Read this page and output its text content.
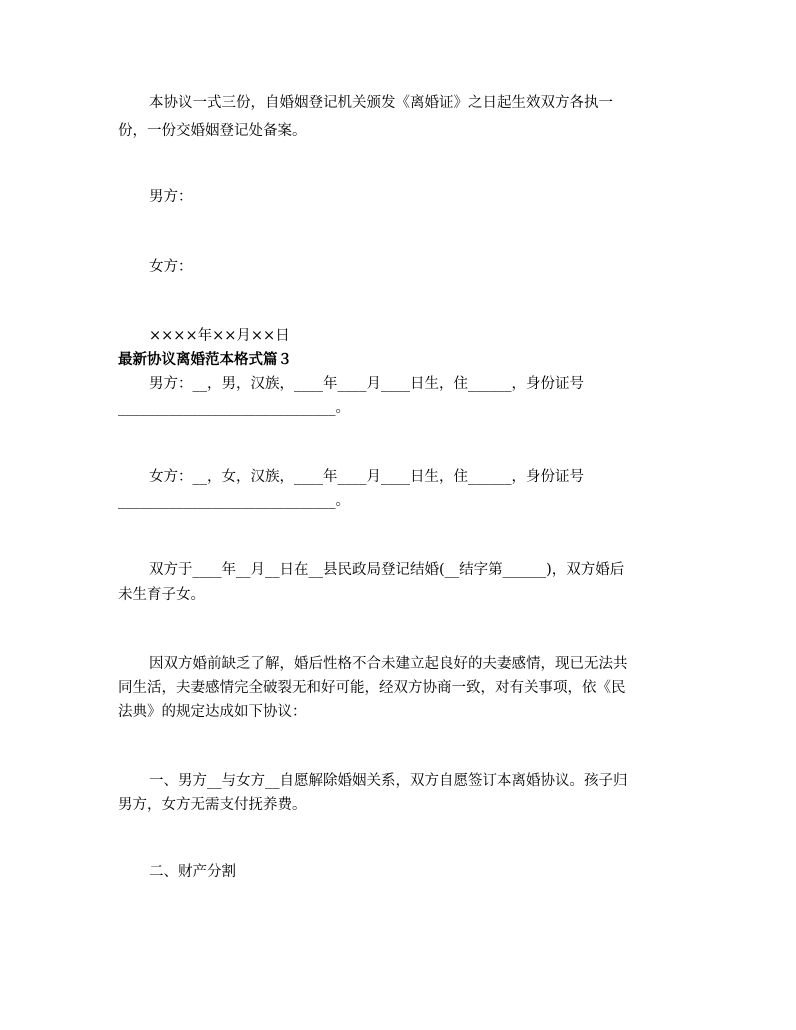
本协议一式三份，自婚姻登记机关颁发《离婚证》之日起生效双方各执一
份，一份交婚姻登记处备案。
男方：
女方：
××××年××月××日
最新协议离婚范本格式篇３
男方：__，男，汉族，____年____月____日生，住______，身份证号
______________________________。
女方：__，女，汉族，____年____月____日生，住______，身份证号
______________________________。
双方于____年__月__日在__县民政局登记结婚(__结字第______)，双方婚后
未生育子女。
因双方婚前缺乏了解，婚后性格不合未建立起良好的夫妻感情，现已无法共
同生活，夫妻感情完全破裂无和好可能，经双方协商一致，对有关事项，依《民
法典》的规定达成如下协议：
一、男方__与女方__自愿解除婚姻关系，双方自愿签订本离婚协议。孩子归
男方，女方无需支付抚养费。
二、财产分割
